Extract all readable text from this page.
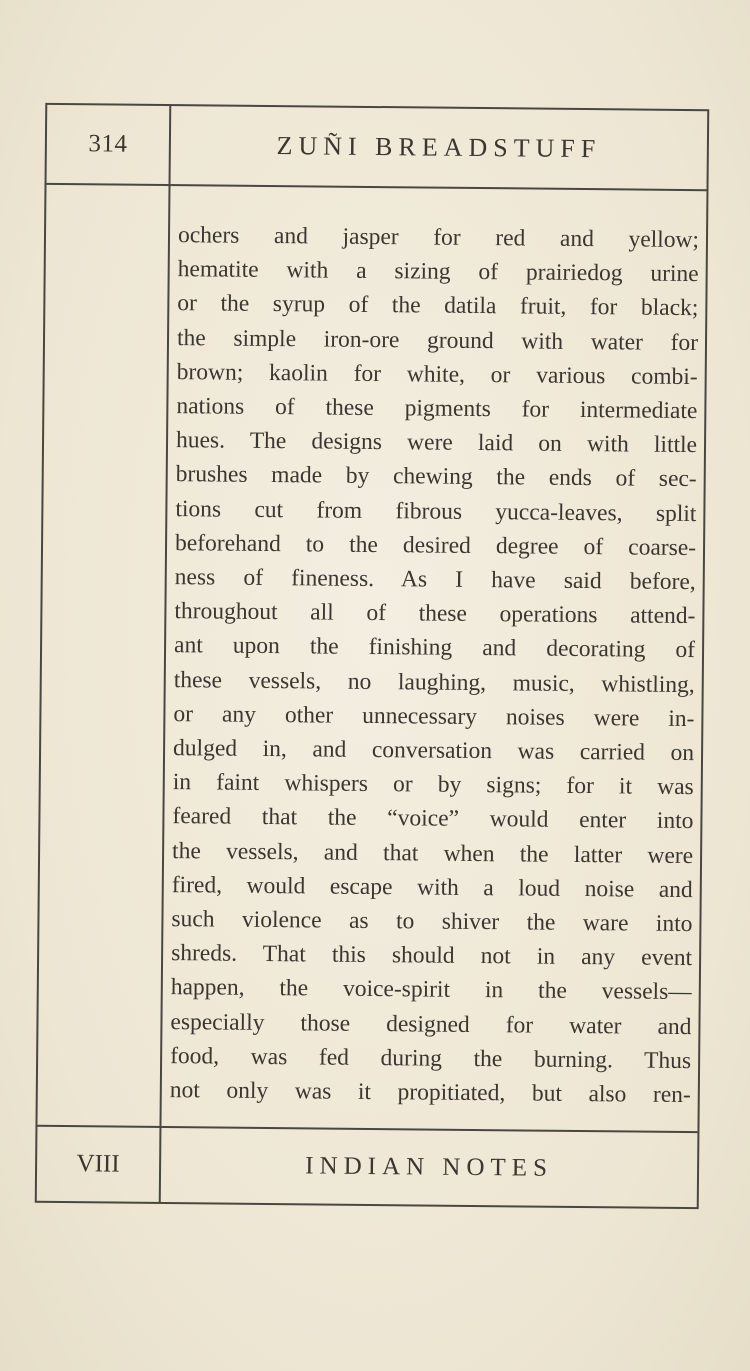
314	ZUÑI BREADSTUFF
ochers and jasper for red and yellow;
hematite with a sizing of prairiedog urine
or the syrup of the datila fruit, for black;
the simple iron-ore ground with water for
brown; kaolin for white, or various combi-
nations of these pigments for intermediate
hues. The designs were laid on with little
brushes made by chewing the ends of sec-
tions cut from fibrous yucca-leaves, split
beforehand to the desired degree of coarse-
ness of fineness. As I have said before,
throughout all of these operations attend-
ant upon the finishing and decorating of
these vessels, no laughing, music, whistling,
or any other unnecessary noises were in-
dulged in, and conversation was carried on
in faint whispers or by signs; for it was
feared that the “voice” would enter into
the vessels, and that when the latter were
fired, would escape with a loud noise and
such violence as to shiver the ware into
shreds. That this should not in any event
happen, the voice-spirit in the vessels—
especially those designed for water and
food, was fed during the burning. Thus
not only was it propitiated, but also ren-
VIII	INDIAN NOTES
